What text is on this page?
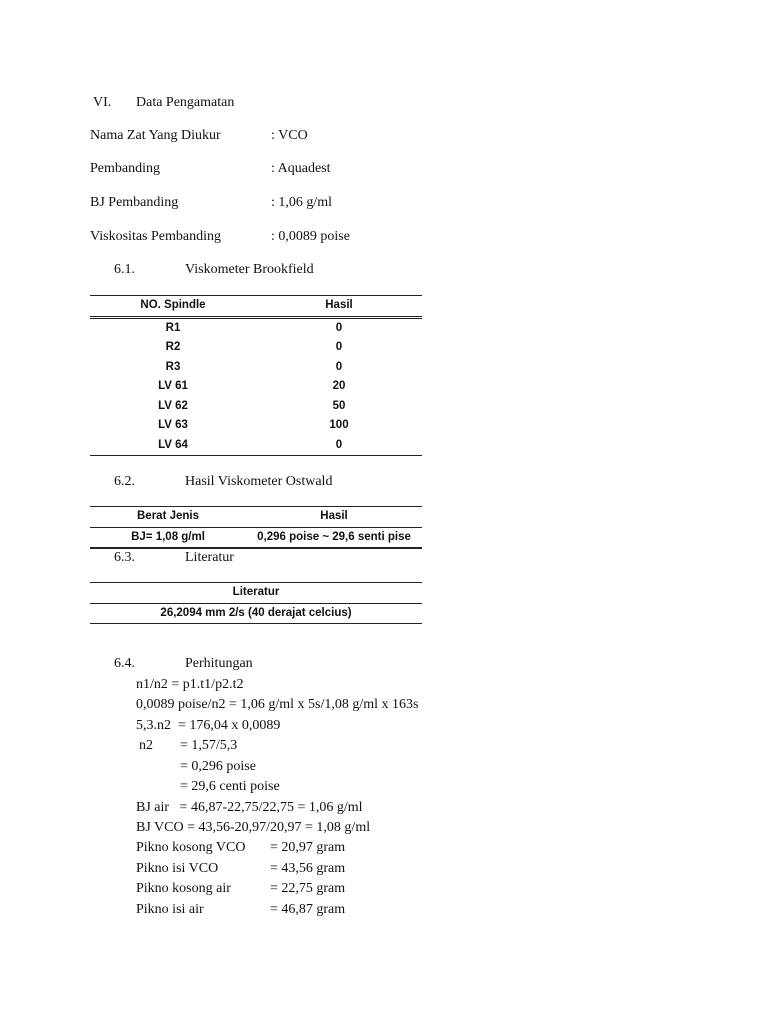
VI. Data Pengamatan
Nama Zat Yang Diukur	: VCO
Pembanding	: Aquadest
BJ Pembanding	: 1,06 g/ml
Viskositas Pembanding	: 0,0089 poise
6.1.	Viskometer Brookfield
NO. Spindle	Hasil
R1	0
R2	0
R3	0
LV 61	20
LV 62	50
LV 63	100
LV 64	0
6.2.	Hasil Viskometer Ostwald
Berat Jenis	Hasil
BJ= 1,08 g/ml	0,296 poise ~ 29,6 senti pise
6.3.	Literatur
Literatur
26,2094 mm 2/s (40 derajat celcius)
6.4.	Perhitungan
n1/n2 = p1.t1/p2.t2
0,0089 poise/n2 = 1,06 g/ml x 5s/1,08 g/ml x 163s
5,3.n2  = 176,04 x 0,0089
n2 = 1,57/5,3
= 0,296 poise
= 29,6 centi poise
BJ air   = 46,87-22,75/22,75 = 1,06 g/ml
BJ VCO = 43,56-20,97/20,97 = 1,08 g/ml
Pikno kosong VCO = 20,97 gram
Pikno isi VCO	= 43,56 gram
Pikno kosong air	= 22,75 gram
Pikno isi air	= 46,87 gram
